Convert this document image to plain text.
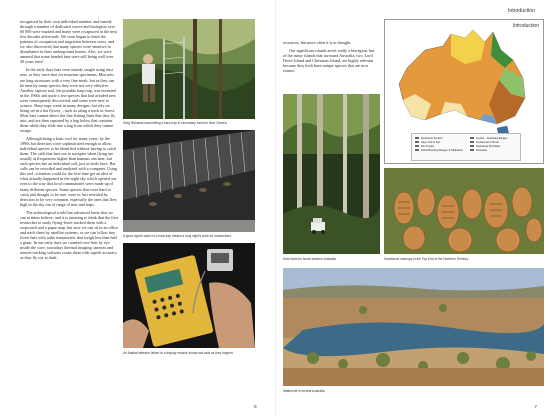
recognised by their own individual number, and mainly through a number of dedicated cavers and biologists over 60 000 were marked and many were recaptured in the next few decades afterwards. We soon began to learn the patterns of occupation and migration between caves, and we also discovered that many species were sensitive to disturbance in their underground homes. Also, we were amazed that some banded bats were still being well over 30 years later!

In the early days bats were mainly caught using mist nets, or they were shot for museum specimens. Mist nets are long structures with a very fine mesh, but as they can be seen by many species they were not very effective. Another capture tool, the portable harp trap, was invented in the 1960s and quite a few species that had avoided nets were consequently discovered, and some were new to science. Harp traps come in many designs, but rely on being set in a bat flyway – such as along a track in forest. Most bats cannot detect the fine fishing lines that they fly into, and are then captured by a bag below that contains them while they slide into a bag from which they cannot escape.

Although being a basic tool for many years, by the 1990s bat detectors were sophisticated enough to allow individual species to be identified without having to catch them. The calls that bats use to navigate when flying are usually at frequencies higher than humans can hear, but each species has an individual call, just as birds have. Bat calls can be recorded and analysed with a computer. Using this tool, scientists could for the first time get an idea of what actually happened in the night sky which opened our eyes to the way that local communities were made up of many different species. Some species that were hard to catch and thought to be rare, were in fact revealed by detectors to be very common, especially the ones that flew high in the sky out of range of nets and traps.

The technological world has advanced faster that we can at times believe, and it is amazing to think that the first researcher to study flying-foxes tracked them with a stopwatch and a paper map, but now we can sit in an office and track them by satellite systems, or we can follow tiny forest bats with radio transmitters that weigh less than half a gram. In our early days we counted cave bats by eye inside the cave, nowadays thermal imaging cameras and remote tracking software count them with superb accuracy as they fly out at dusk.

Greg Richards assembling a harp trap in secondary forest in New Guinea.
A good night's catch in a harp trap means a long night's work for researchers.
An Anabat detector linked to a display module shows bat calls as they happen.
5
Introduction

resources, but more often it is in drought.

Our significant islands aren't really a bioregion, but of the many islands that surround Australia, two, Lord Howe Island and Christmas Island, are highly relevant because they both have unique species that are now extinct.

Introduction
Southwest Top End
Cape York & Top!
Wet Tropics
Inland Breeding Ranges & Tablelands
Central – Southeast Ranges
Southwestern Shrub
Tasmanian Shrubland
Tasmania
Karri forest in south-western Australia.	Sandstone outcrops in the Top End of the Northern Territory.
Waterhole in central Australia.
7
